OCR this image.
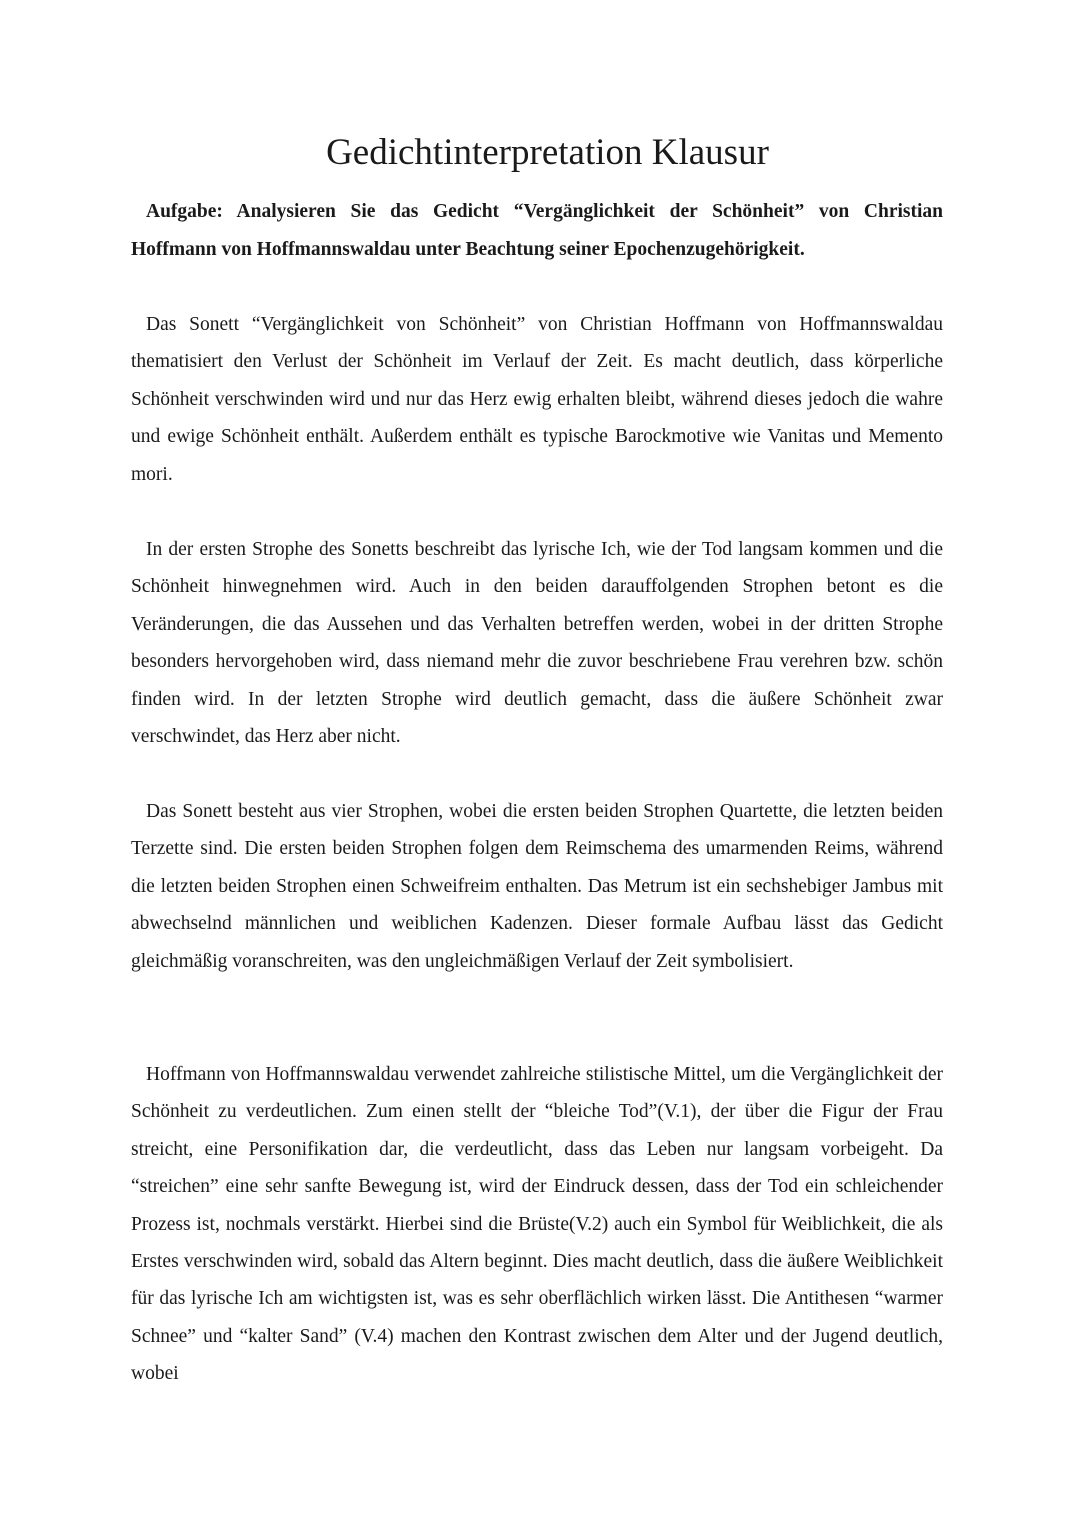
Gedichtinterpretation Klausur

Aufgabe: Analysieren Sie das Gedicht “Vergänglichkeit der Schönheit” von Christian Hoffmann von Hoffmannswaldau unter Beachtung seiner Epochenzugehörigkeit.

Das Sonett “Vergänglichkeit von Schönheit” von Christian Hoffmann von Hoffmannswaldau thematisiert den Verlust der Schönheit im Verlauf der Zeit. Es macht deutlich, dass körperliche Schönheit verschwinden wird und nur das Herz ewig erhalten bleibt, während dieses jedoch die wahre und ewige Schönheit enthält. Außerdem enthält es typische Barockmotive wie Vanitas und Memento mori.

In der ersten Strophe des Sonetts beschreibt das lyrische Ich, wie der Tod langsam kommen und die Schönheit hinwegnehmen wird. Auch in den beiden darauffolgenden Strophen betont es die Veränderungen, die das Aussehen und das Verhalten betreffen werden, wobei in der dritten Strophe besonders hervorgehoben wird, dass niemand mehr die zuvor beschriebene Frau verehren bzw. schön finden wird. In der letzten Strophe wird deutlich gemacht, dass die äußere Schönheit zwar verschwindet, das Herz aber nicht.

Das Sonett besteht aus vier Strophen, wobei die ersten beiden Strophen Quartette, die letzten beiden Terzette sind. Die ersten beiden Strophen folgen dem Reimschema des umarmenden Reims, während die letzten beiden Strophen einen Schweifreim enthalten. Das Metrum ist ein sechshebiger Jambus mit abwechselnd männlichen und weiblichen Kadenzen. Dieser formale Aufbau lässt das Gedicht gleichmäßig voranschreiten, was den ungleichmäßigen Verlauf der Zeit symbolisiert.

Hoffmann von Hoffmannswaldau verwendet zahlreiche stilistische Mittel, um die Vergänglichkeit der Schönheit zu verdeutlichen. Zum einen stellt der “bleiche Tod”(V.1), der über die Figur der Frau streicht, eine Personifikation dar, die verdeutlicht, dass das Leben nur langsam vorbeigeht. Da “streichen” eine sehr sanfte Bewegung ist, wird der Eindruck dessen, dass der Tod ein schleichender Prozess ist, nochmals verstärkt. Hierbei sind die Brüste(V.2) auch ein Symbol für Weiblichkeit, die als Erstes verschwinden wird, sobald das Altern beginnt. Dies macht deutlich, dass die äußere Weiblichkeit für das lyrische Ich am wichtigsten ist, was es sehr oberflächlich wirken lässt. Die Antithesen “warmer Schnee” und “kalter Sand” (V.4) machen den Kontrast zwischen dem Alter und der Jugend deutlich, wobei
